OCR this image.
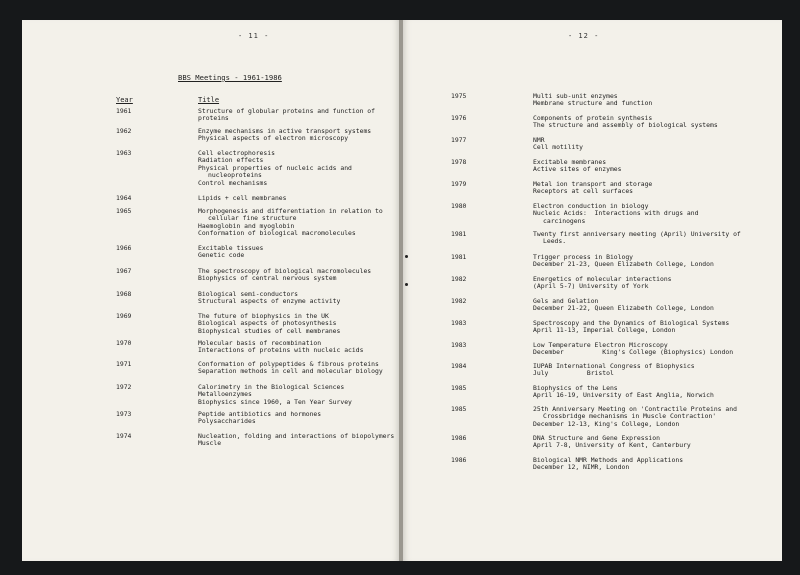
- 11 -
BBS Meetings - 1961-1986
Year	Title
- 12 -
1961	Structure of globular proteins and function of
proteins
1962	Enzyme mechanisms in active transport systems
Physical aspects of electron microscopy
1963	Cell electrophoresis
Radiation effects
Physical properties of nucleic acids and
nucleoproteins
Control mechanisms
1964	Lipids + cell membranes
1965	Morphogenesis and differentiation in relation to
cellular fine structure
Haemoglobin and myoglobin
Conformation of biological macromolecules
1966	Excitable tissues
Genetic code
1967	The spectroscopy of biological macromolecules
Biophysics of central nervous system
1968	Biological semi-conductors
Structural aspects of enzyme activity
1969	The future of biophysics in the UK
Biological aspects of photosynthesis
Biophysical studies of cell membranes
1970	Molecular basis of recombination
Interactions of proteins with nucleic acids
1971	Conformation of polypeptides & fibrous proteins
Separation methods in cell and molecular biology
1972	Calorimetry in the Biological Sciences
Metalloenzymes
Biophysics since 1960, a Ten Year Survey
1973	Peptide antibiotics and hormones
Polysaccharides
1974	Nucleation, folding and interactions of biopolymers
Muscle
1975	Multi sub-unit enzymes
Membrane structure and function
1976	Components of protein synthesis
The structure and assembly of biological systems
1977	NMR
Cell motility
1978	Excitable membranes
Active sites of enzymes
1979	Metal ion transport and storage
Receptors at cell surfaces
1980	Electron conduction in biology
Nucleic Acids:  Interactions with drugs and
carcinogens
1981	Twenty first anniversary meeting (April) University of
Leeds.
1981	Trigger process in Biology
December 21-23, Queen Elizabeth College, London
1982	Energetics of molecular interactions
(April 5-7) University of York
1982	Gels and Gelation
December 21-22, Queen Elizabeth College, London
1983	Spectroscopy and the Dynamics of Biological Systems
April 11-13, Imperial College, London
1983	Low Temperature Electron Microscopy
December          King's College (Biophysics) London
1984	IUPAB International Congress of Biophysics
July          Bristol
1985	Biophysics of the Lens
April 16-19, University of East Anglia, Norwich
1985	25th Anniversary Meeting on 'Contractile Proteins and
Crossbridge mechanisms in Muscle Contraction'
December 12-13, King's College, London
1986	DNA Structure and Gene Expression
April 7-8, University of Kent, Canterbury
1986	Biological NMR Methods and Applications
December 12, NIMR, London
